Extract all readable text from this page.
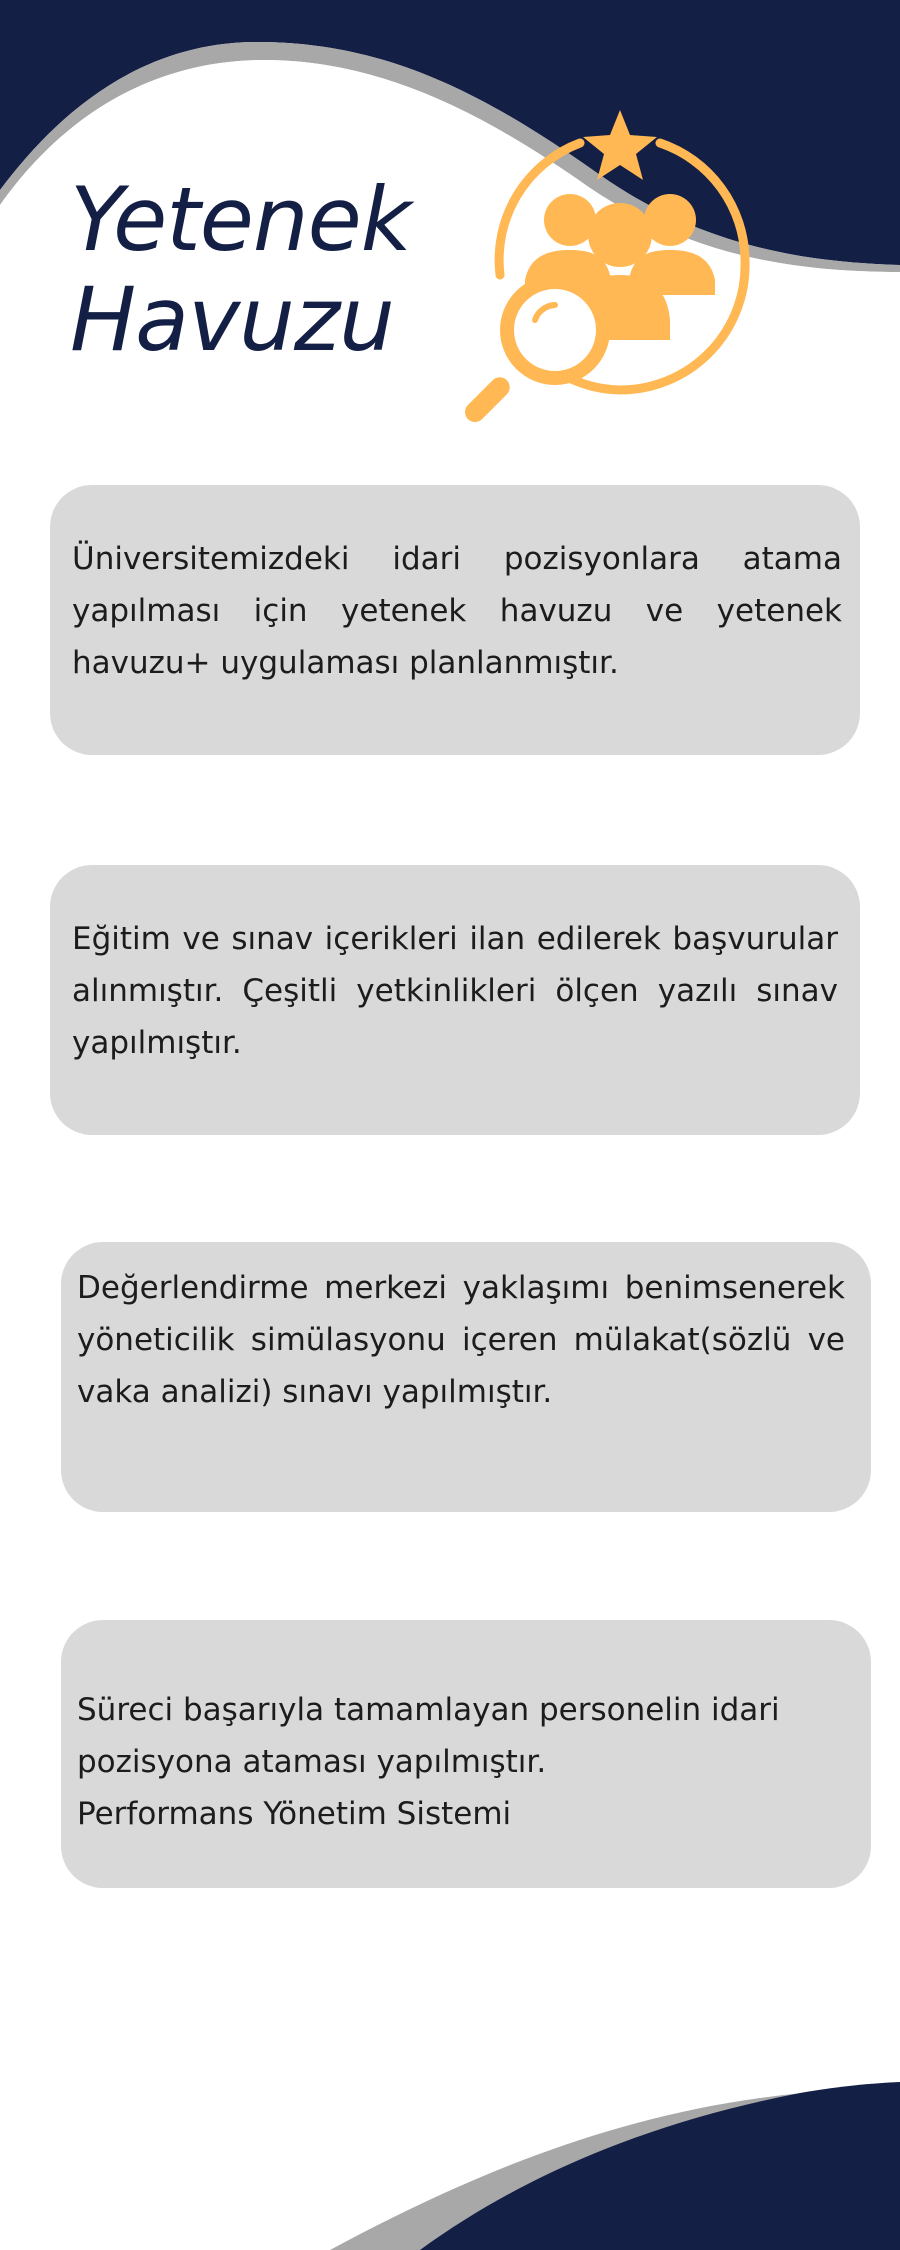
Yetenek
Havuzu

Üniversitemizdeki idari pozisyonlara atama yapılması için yetenek havuzu ve yetenek havuzu+ uygulaması planlanmıştır.

Eğitim ve sınav içerikleri ilan edilerek başvurular alınmıştır. Çeşitli yetkinlikleri ölçen yazılı sınav yapılmıştır.

Değerlendirme merkezi yaklaşımı benimsenerek yöneticilik simülasyonu içeren mülakat(sözlü ve vaka analizi) sınavı yapılmıştır.

Süreci başarıyla tamamlayan personelin idari pozisyona ataması yapılmıştır.

Performans Yönetim Sistemi
